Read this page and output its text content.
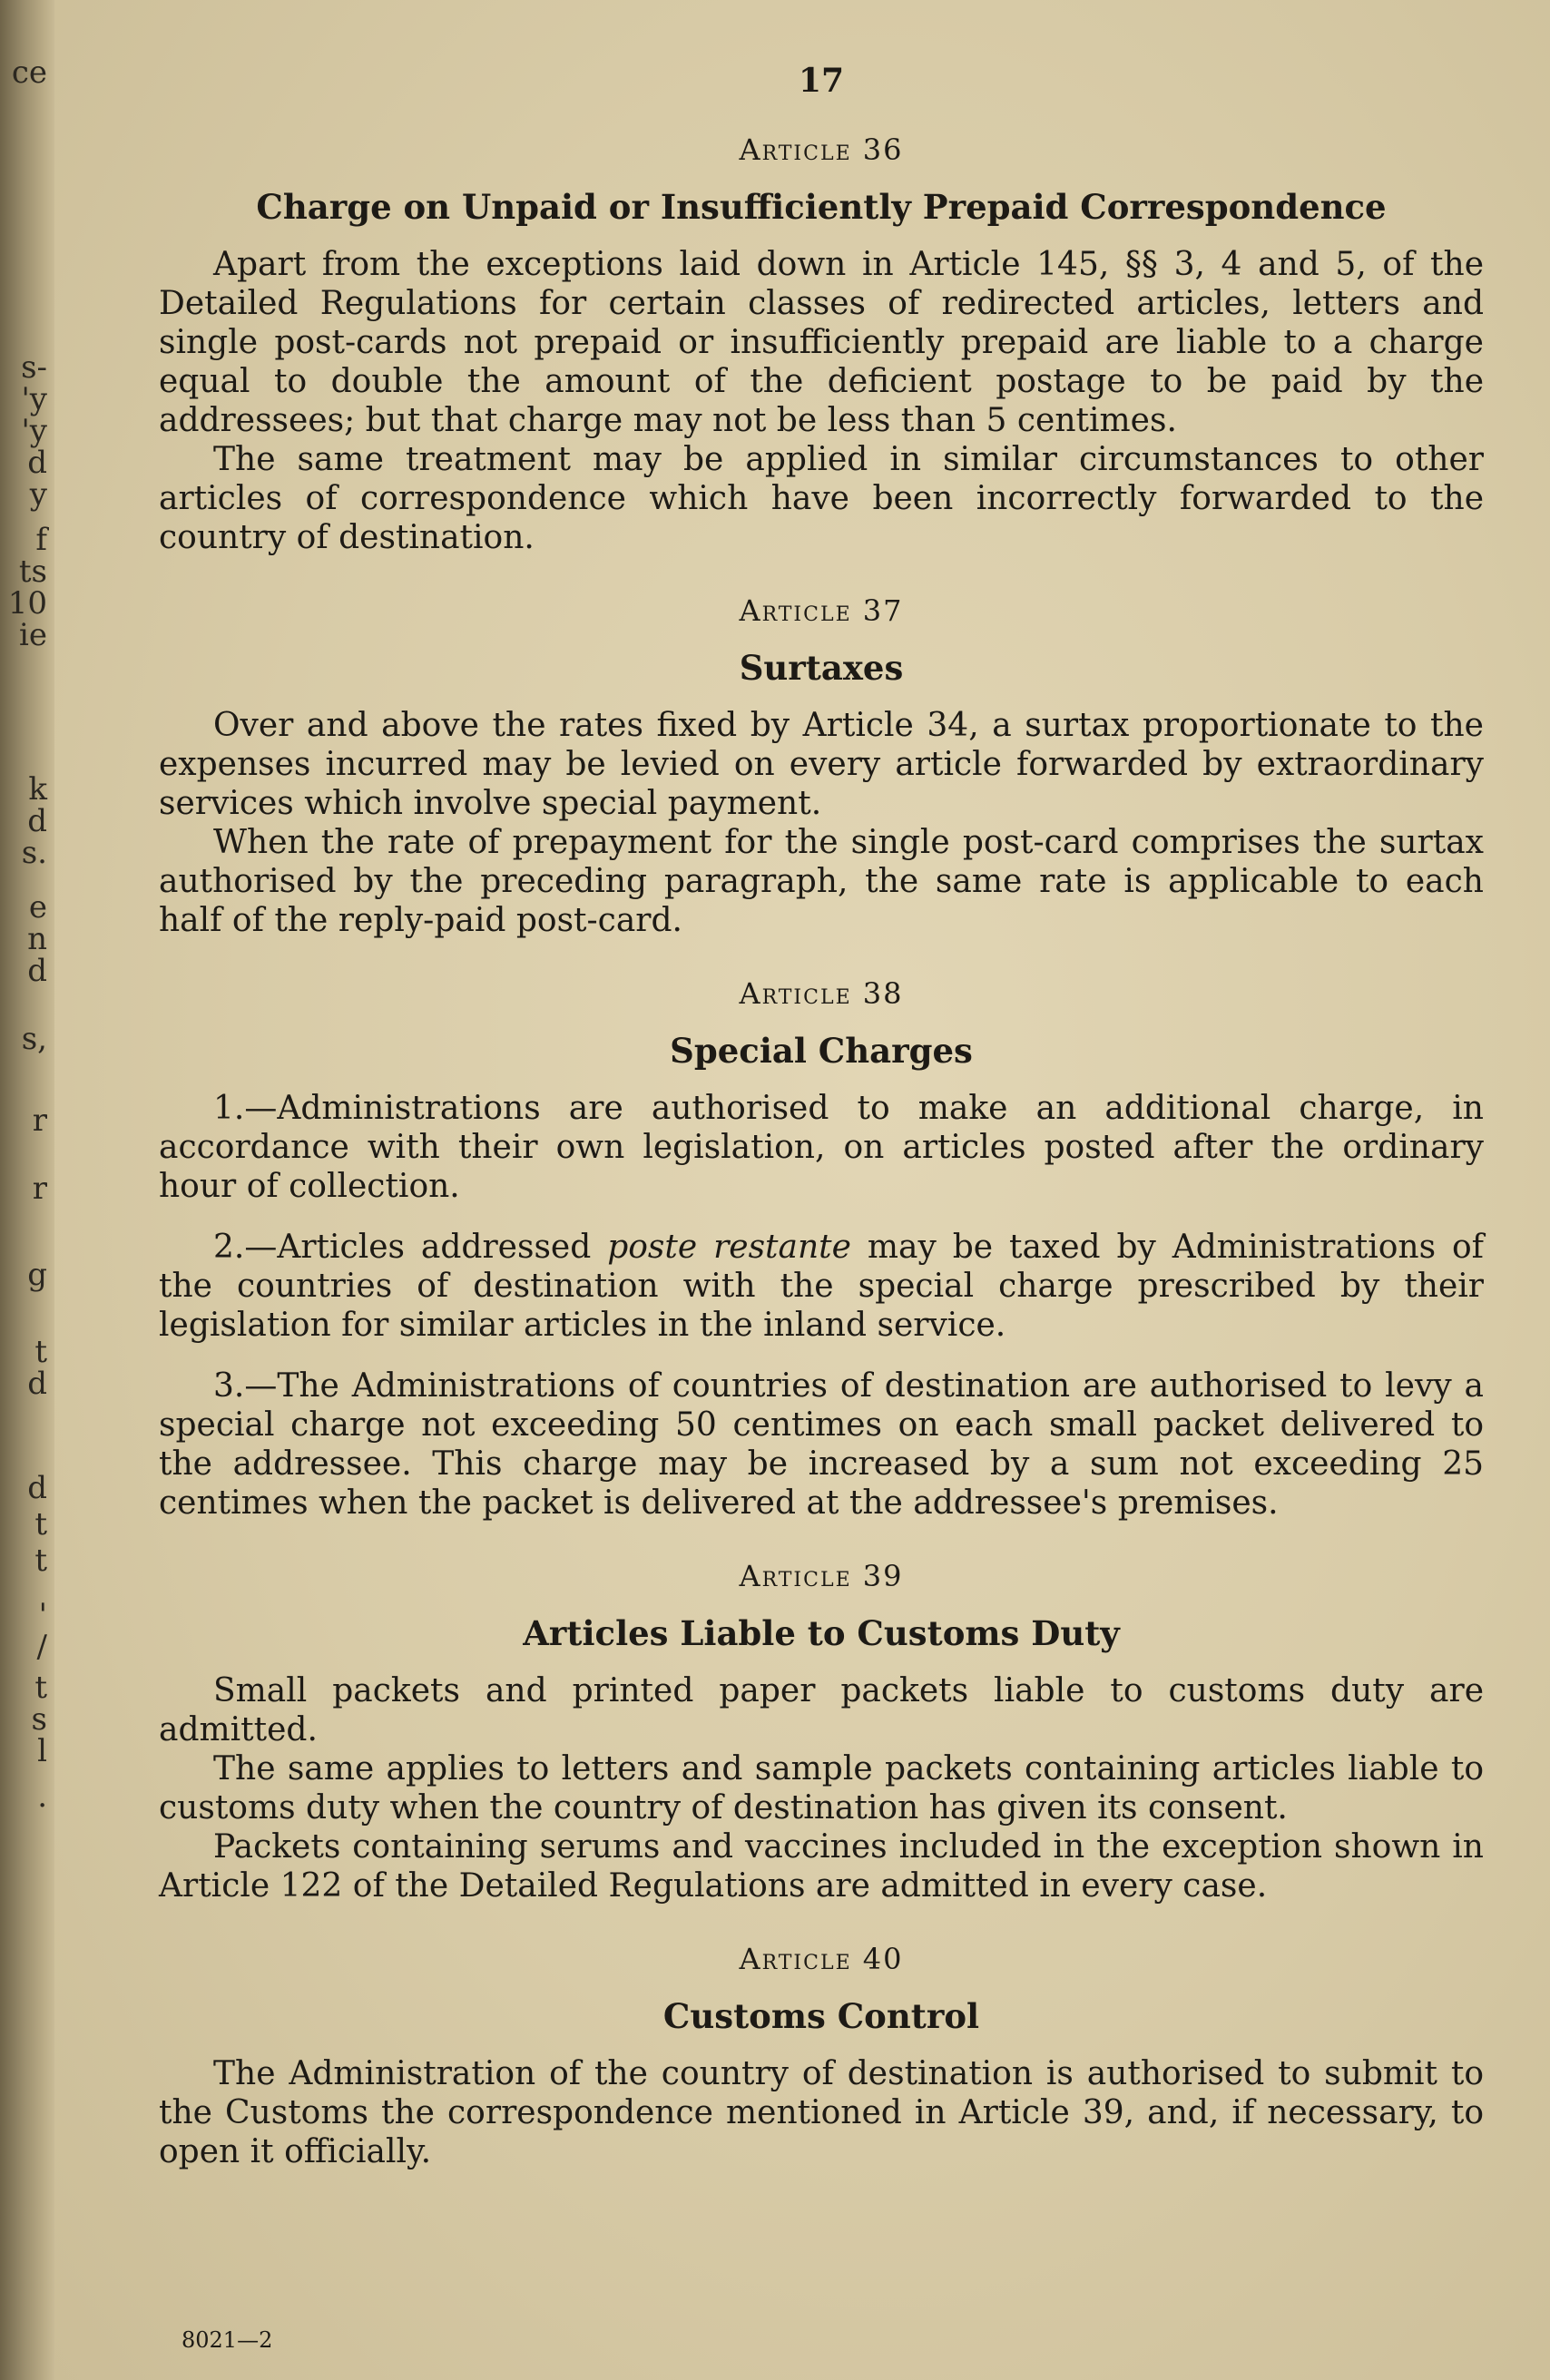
ce
s-
'y
'y
d
y
f
ts
10
ie
k
d
s.
e
n
d
s,
r
r
g
t
d
d
t
t
'
/
t
s
l
.
17
Article 36
Charge on Unpaid or Insufficiently Prepaid Correspondence

Apart from the exceptions laid down in Article 145, §§ 3, 4 and 5, of the Detailed Regulations for certain classes of redirected articles, letters and single post-cards not prepaid or insufficiently prepaid are liable to a charge equal to double the amount of the deficient postage to be paid by the addressees; but that charge may not be less than 5 centimes.

The same treatment may be applied in similar circumstances to other articles of correspondence which have been incorrectly forwarded to the country of destination.

Article 37
Surtaxes

Over and above the rates fixed by Article 34, a surtax proportionate to the expenses incurred may be levied on every article forwarded by extraordinary services which involve special payment.

When the rate of prepayment for the single post-card comprises the surtax authorised by the preceding paragraph, the same rate is applicable to each half of the reply-paid post-card.

Article 38
Special Charges

1.—Administrations are authorised to make an additional charge, in accordance with their own legislation, on articles posted after the ordinary hour of collection.

2.—Articles addressed poste restante may be taxed by Administrations of the countries of destination with the special charge prescribed by their legislation for similar articles in the inland service.

3.—The Administrations of countries of destination are authorised to levy a special charge not exceeding 50 centimes on each small packet delivered to the addressee. This charge may be increased by a sum not exceeding 25 centimes when the packet is delivered at the addressee's premises.

Article 39
Articles Liable to Customs Duty

Small packets and printed paper packets liable to customs duty are admitted.

The same applies to letters and sample packets containing articles liable to customs duty when the country of destination has given its consent.

Packets containing serums and vaccines included in the exception shown in Article 122 of the Detailed Regulations are admitted in every case.

Article 40
Customs Control

The Administration of the country of destination is authorised to submit to the Customs the correspondence mentioned in Article 39, and, if necessary, to open it officially.

8021—2
